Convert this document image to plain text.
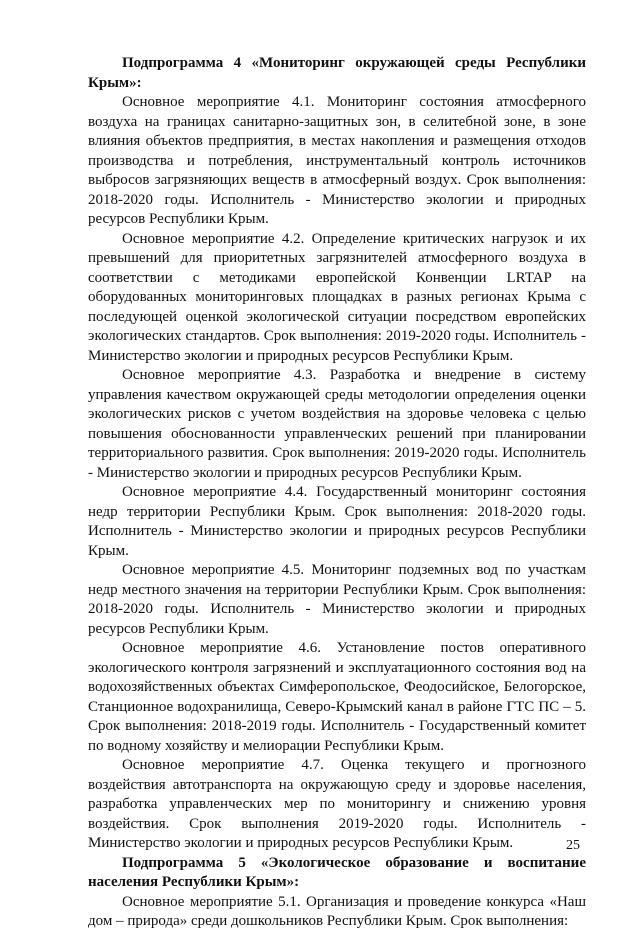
Подпрограмма 4 «Мониторинг окружающей среды Республики Крым»:

Основное мероприятие 4.1. Мониторинг состояния атмосферного воздуха на границах санитарно-защитных зон, в селитебной зоне, в зоне влияния объектов предприятия, в местах накопления и размещения отходов производства и потребления, инструментальный контроль источников выбросов загрязняющих веществ в атмосферный воздух. Срок выполнения: 2018-2020 годы. Исполнитель - Министерство экологии и природных ресурсов Республики Крым.

Основное мероприятие 4.2. Определение критических нагрузок и их превышений для приоритетных загрязнителей атмосферного воздуха в соответствии с методиками европейской Конвенции LRTAP на оборудованных мониторинговых площадках в разных регионах Крыма с последующей оценкой экологической ситуации посредством европейских экологических стандартов. Срок выполнения: 2019-2020 годы. Исполнитель - Министерство экологии и природных ресурсов Республики Крым.

Основное мероприятие 4.3. Разработка и внедрение в систему управления качеством окружающей среды методологии определения оценки экологических рисков с учетом воздействия на здоровье человека с целью повышения обоснованности управленческих решений при планировании территориального развития. Срок выполнения: 2019-2020 годы. Исполнитель - Министерство экологии и природных ресурсов Республики Крым.

Основное мероприятие 4.4. Государственный мониторинг состояния недр территории Республики Крым. Срок выполнения: 2018-2020 годы. Исполнитель - Министерство экологии и природных ресурсов Республики Крым.

Основное мероприятие 4.5. Мониторинг подземных вод по участкам недр местного значения на территории Республики Крым. Срок выполнения: 2018-2020 годы. Исполнитель - Министерство экологии и природных ресурсов Республики Крым.

Основное мероприятие 4.6. Установление постов оперативного экологического контроля загрязнений и эксплуатационного состояния вод на водохозяйственных объектах Симферопольское, Феодосийское, Белогорское, Станционное водохранилища, Северо-Крымский канал в районе ГТС ПС – 5. Срок выполнения: 2018-2019 годы. Исполнитель - Государственный комитет по водному хозяйству и мелиорации Республики Крым.

Основное мероприятие 4.7. Оценка текущего и прогнозного воздействия автотранспорта на окружающую среду и здоровье населения, разработка управленческих мер по мониторингу и снижению уровня воздействия. Срок выполнения 2019-2020 годы. Исполнитель - Министерство экологии и природных ресурсов Республики Крым.

Подпрограмма 5 «Экологическое образование и воспитание населения Республики Крым»:

Основное мероприятие 5.1. Организация и проведение конкурса «Наш дом – природа» среди дошкольников Республики Крым. Срок выполнения:

25
